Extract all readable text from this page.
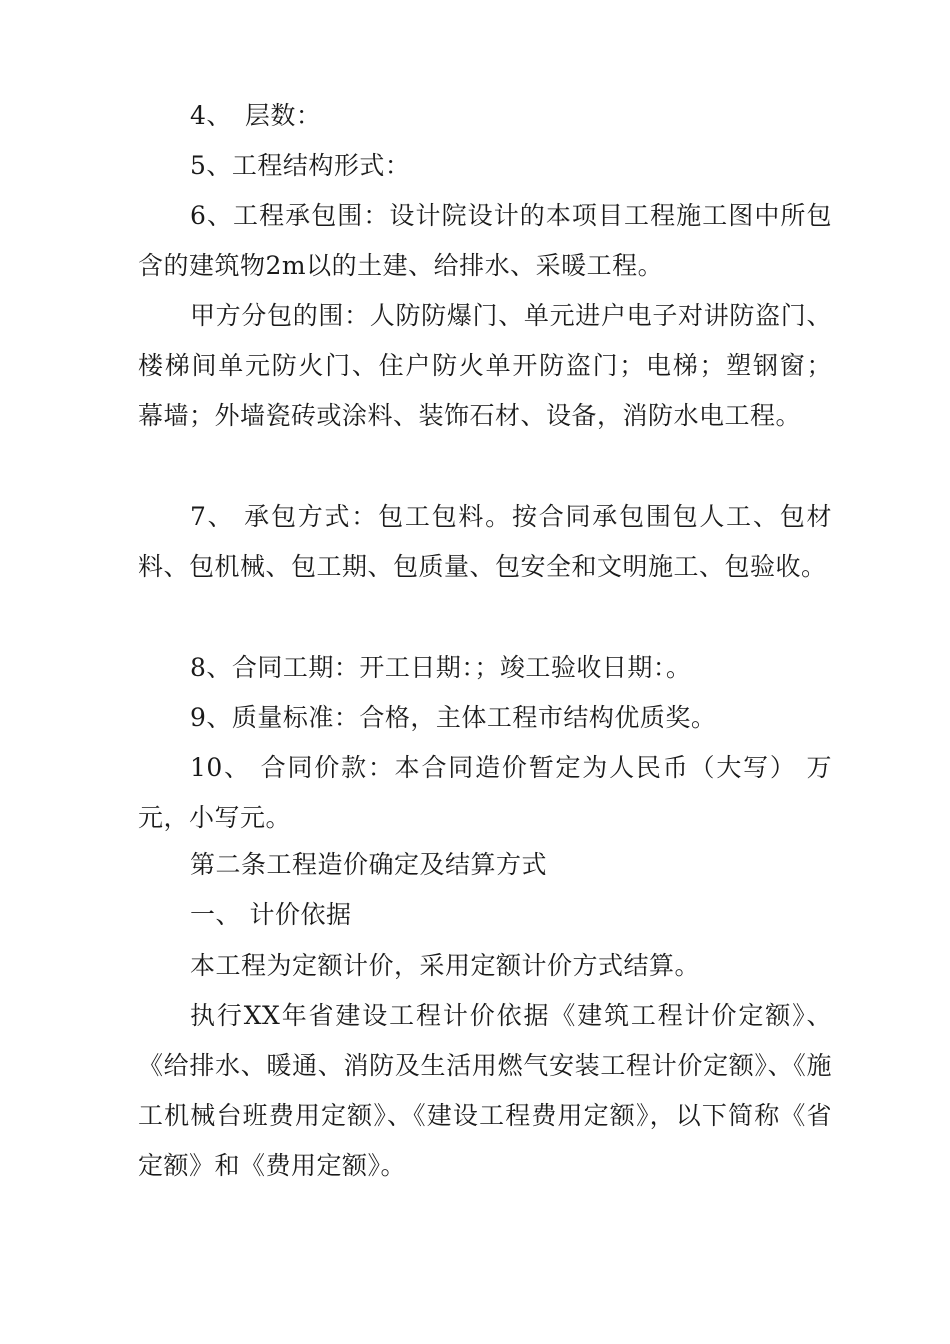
4、　层数：

5、工程结构形式：

6、工程承包围：设计院设计的本项目工程施工图中所包含的建筑物2m以的土建、给排水、采暖工程。

甲方分包的围：人防防爆门、单元进户电子对讲防盗门、 楼梯间单元防火门、住户防火单开防盗门；电梯；塑钢窗； 幕墙；外墙瓷砖或涂料、装饰石材、设备，消防水电工程。

7、 承包方式：包工包料。按合同承包围包人工、包材料、包机械、包工期、包质量、包安全和文明施工、包验收。

8、合同工期：开工日期：；竣工验收日期：。

9、质量标准：合格，主体工程市结构优质奖。

10、 合同价款：本合同造价暂定为人民币（大写） 万元，小写元。

第二条工程造价确定及结算方式

一、 计价依据

本工程为定额计价，采用定额计价方式结算。

执行XX年省建设工程计价依据《建筑工程计价定额》、《给排水、暖通、消防及生活用燃气安装工程计价定额》、《施 工机械台班费用定额》、《建设工程费用定额》，以下简称《省 定额》和《费用定额》。
